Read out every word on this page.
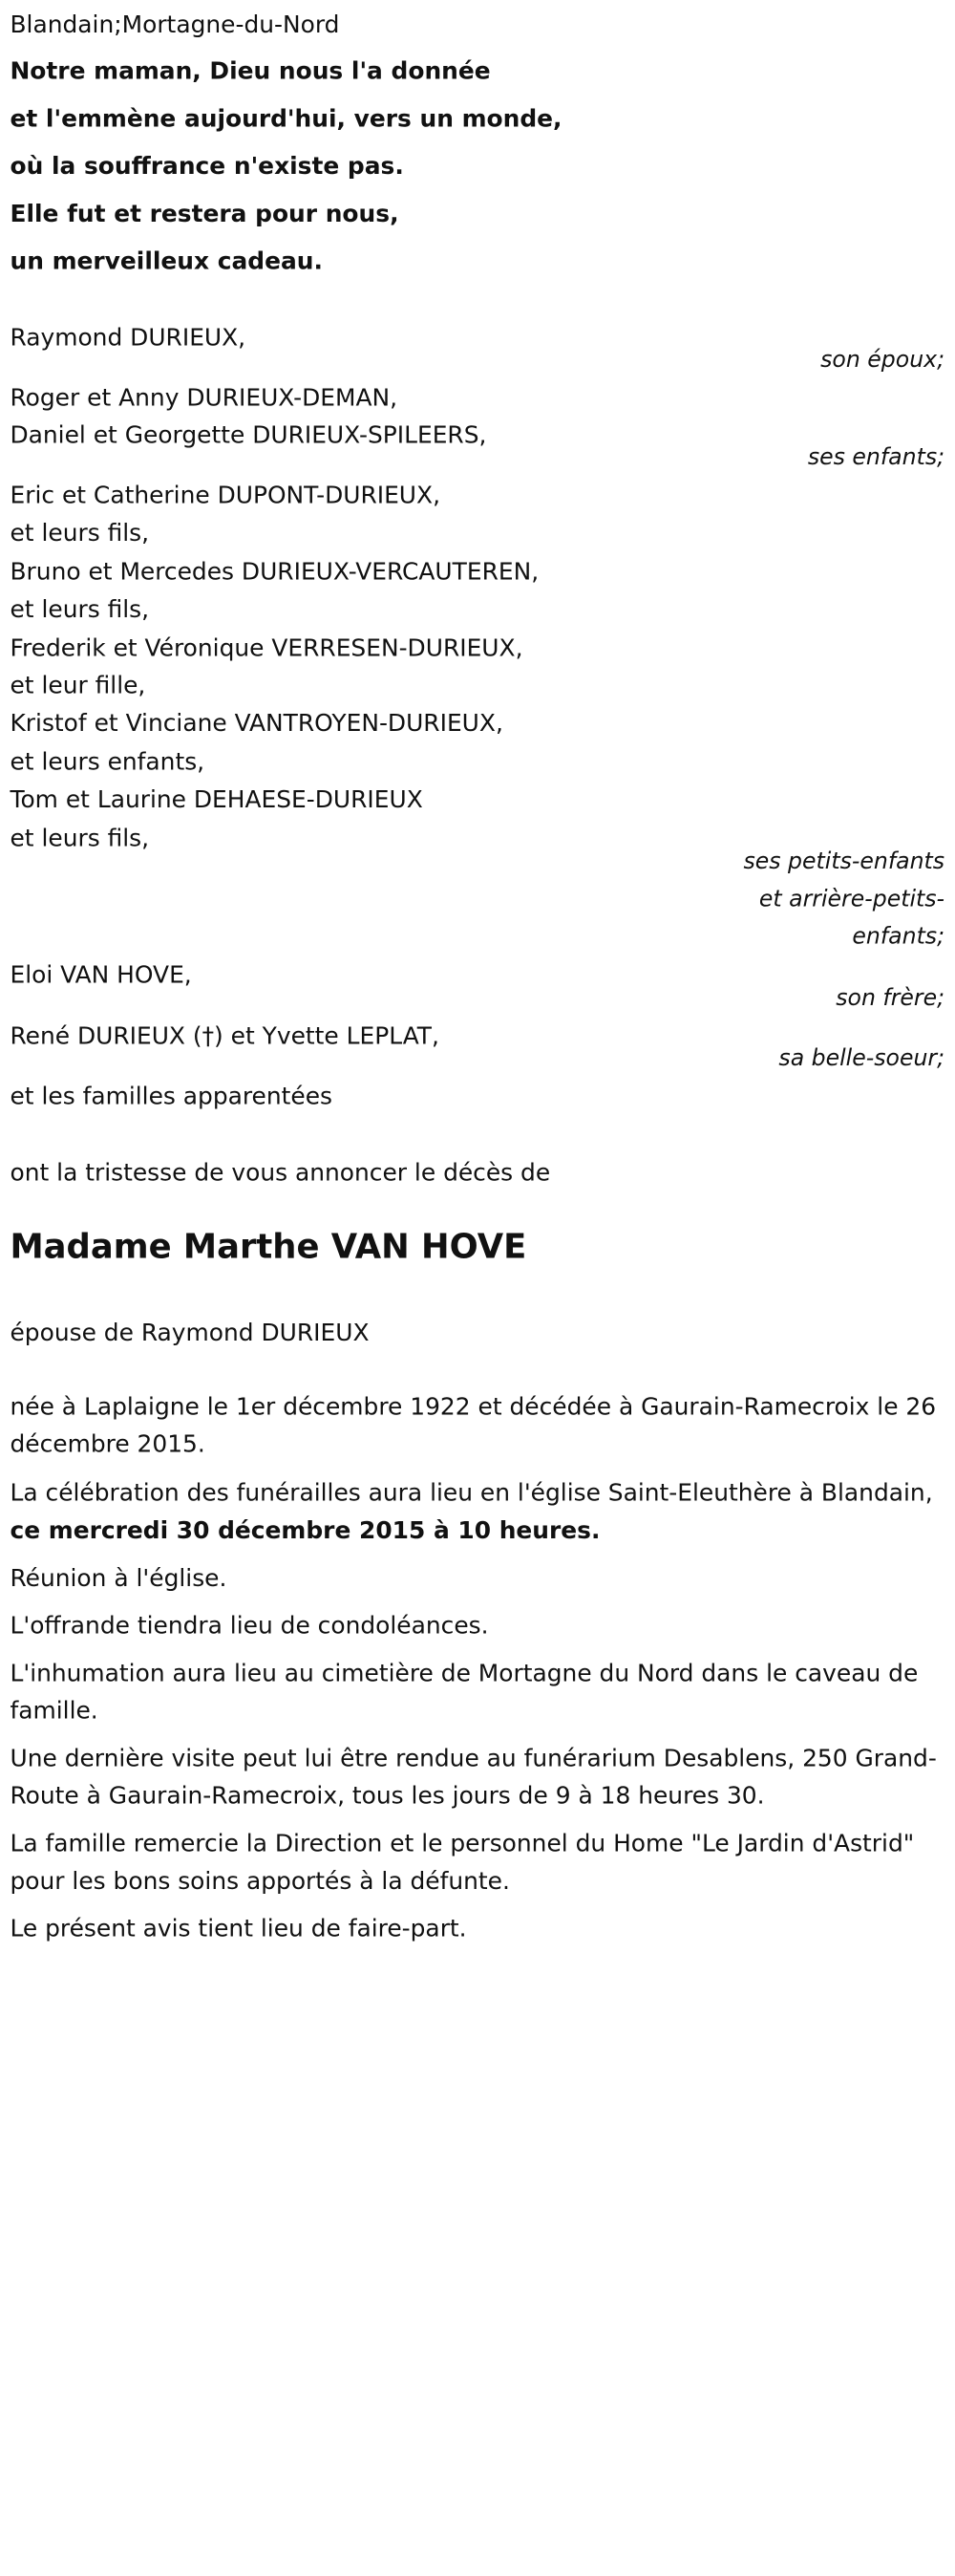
Blandain;Mortagne-du-Nord
Notre maman, Dieu nous l'a donnée
et l'emmène aujourd'hui, vers un monde,
où la souffrance n'existe pas.
Elle fut et restera pour nous,
un merveilleux cadeau.
Raymond DURIEUX,
son époux;
Roger et Anny DURIEUX-DEMAN,
Daniel et Georgette DURIEUX-SPILEERS,
ses enfants;
Eric et Catherine DUPONT-DURIEUX,
et leurs fils,
Bruno et Mercedes DURIEUX-VERCAUTEREN,
et leurs fils,
Frederik et Véronique VERRESEN-DURIEUX,
et leur fille,
Kristof et Vinciane VANTROYEN-DURIEUX,
et leurs enfants,
Tom et Laurine DEHAESE-DURIEUX
et leurs fils,
ses petits-enfants
et arrière-petits-
enfants;
Eloi VAN HOVE,
son frère;
René DURIEUX (†) et Yvette LEPLAT,
sa belle-soeur;
et les familles apparentées
ont la tristesse de vous annoncer le décès de
Madame Marthe VAN HOVE
épouse de Raymond DURIEUX
née à Laplaigne le 1er décembre 1922 et décédée à Gaurain-Ramecroix le 26 décembre 2015.
La célébration des funérailles aura lieu en l'église Saint-Eleuthère à Blandain, ce mercredi 30 décembre 2015 à 10 heures.
Réunion à l'église.
L'offrande tiendra lieu de condoléances.
L'inhumation aura lieu au cimetière de Mortagne du Nord dans le caveau de famille.
Une dernière visite peut lui être rendue au funérarium Desablens, 250 Grand-Route à Gaurain-Ramecroix, tous les jours de 9 à 18 heures 30.
La famille remercie la Direction et le personnel du Home "Le Jardin d'Astrid" pour les bons soins apportés à la défunte.
Le présent avis tient lieu de faire-part.
